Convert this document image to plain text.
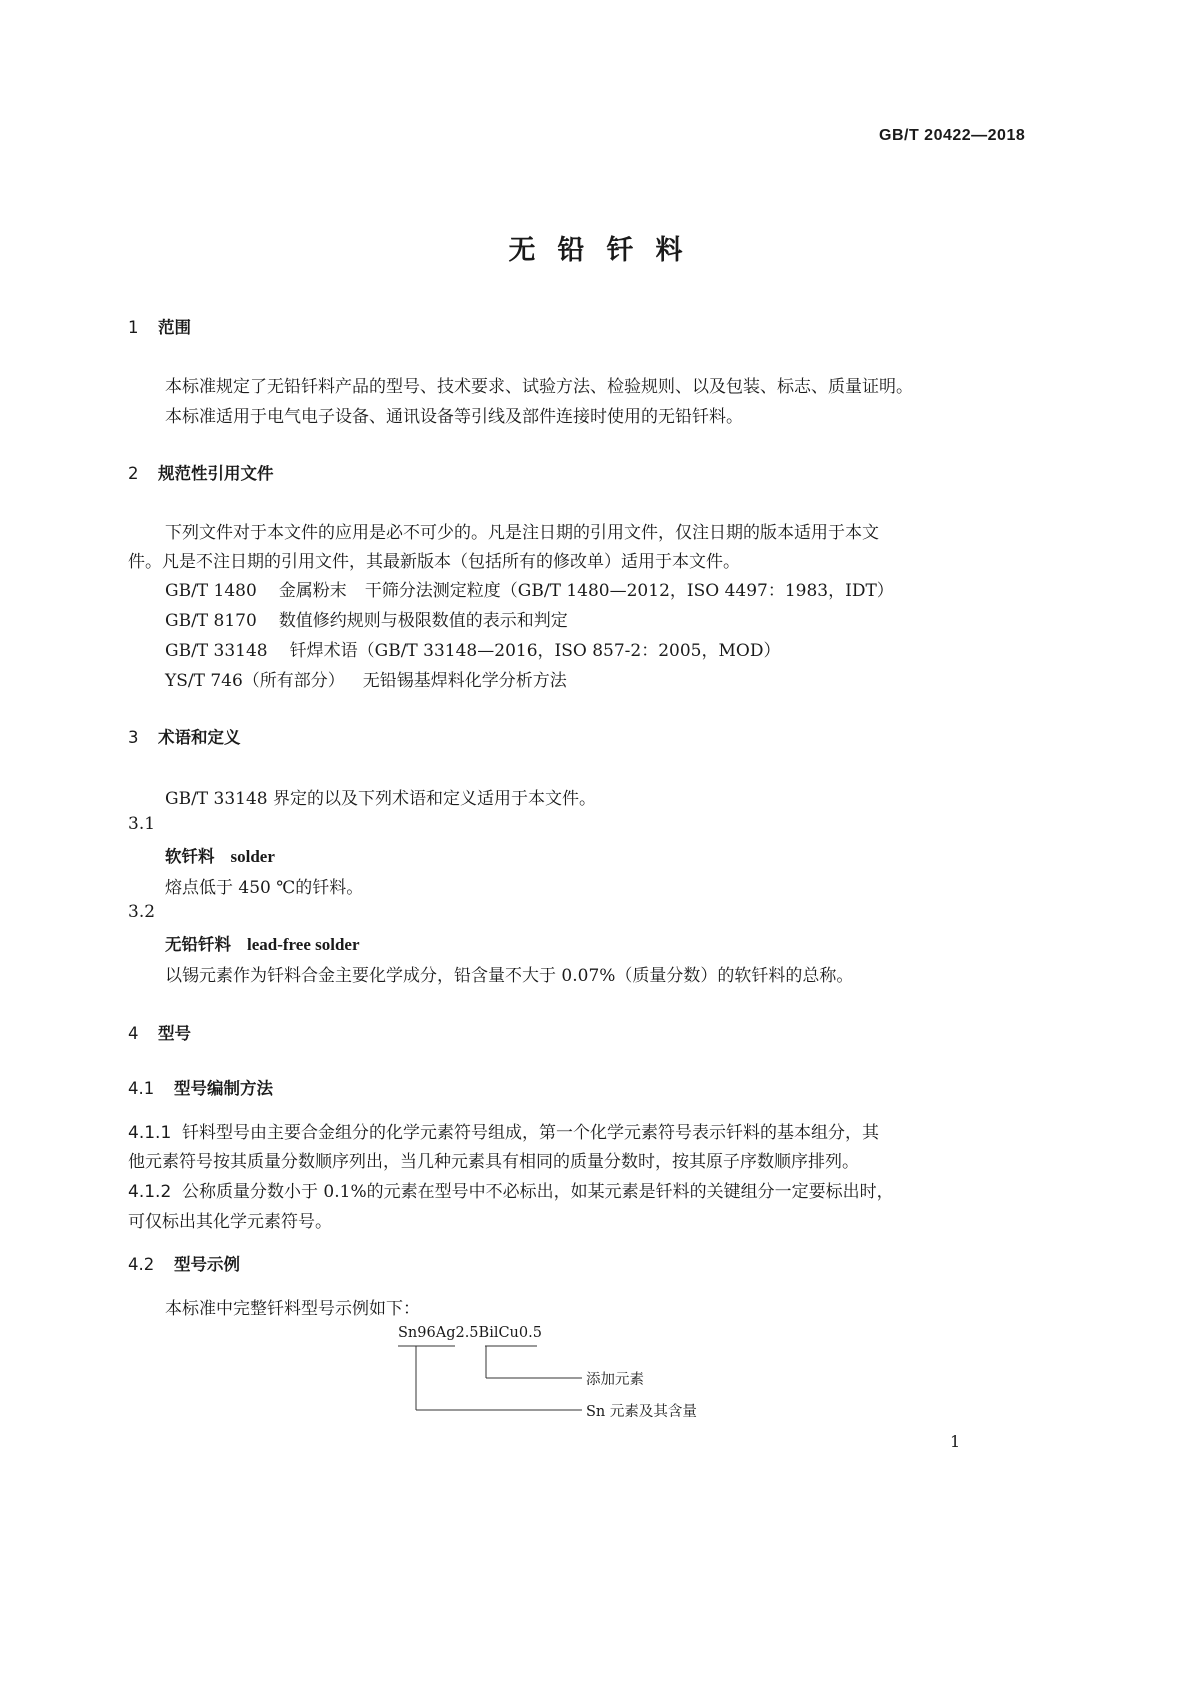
GB/T 20422—2018
无铅钎料
1 范围
本标准规定了无铅钎料产品的型号、技术要求、试验方法、检验规则、以及包装、标志、质量证明。
本标准适用于电气电子设备、通讯设备等引线及部件连接时使用的无铅钎料。
2 规范性引用文件
下列文件对于本文件的应用是必不可少的。凡是注日期的引用文件，仅注日期的版本适用于本文
件。凡是不注日期的引用文件，其最新版本（包括所有的修改单）适用于本文件。
GB/T 1480 金属粉末 干筛分法测定粒度（GB/T 1480—2012，ISO 4497：1983，IDT）
GB/T 8170 数值修约规则与极限数值的表示和判定
GB/T 33148 钎焊术语（GB/T 33148—2016，ISO 857-2：2005，MOD）
YS/T 746（所有部分） 无铅锡基焊料化学分析方法
3 术语和定义
GB/T 33148 界定的以及下列术语和定义适用于本文件。
3.1
软钎料 solder
熔点低于 450 ℃的钎料。
3.2
无铅钎料 lead-free solder
以锡元素作为钎料合金主要化学成分，铅含量不大于 0.07%（质量分数）的软钎料的总称。
4 型号
4.1 型号编制方法
4.1.1 钎料型号由主要合金组分的化学元素符号组成，第一个化学元素符号表示钎料的基本组分，其
他元素符号按其质量分数顺序列出，当几种元素具有相同的质量分数时，按其原子序数顺序排列。
4.1.2 公称质量分数小于 0.1%的元素在型号中不必标出，如某元素是钎料的关键组分一定要标出时，
可仅标出其化学元素符号。
4.2 型号示例
本标准中完整钎料型号示例如下：
Sn96Ag2.5BilCu0.5
添加元素
Sn 元素及其含量
1
